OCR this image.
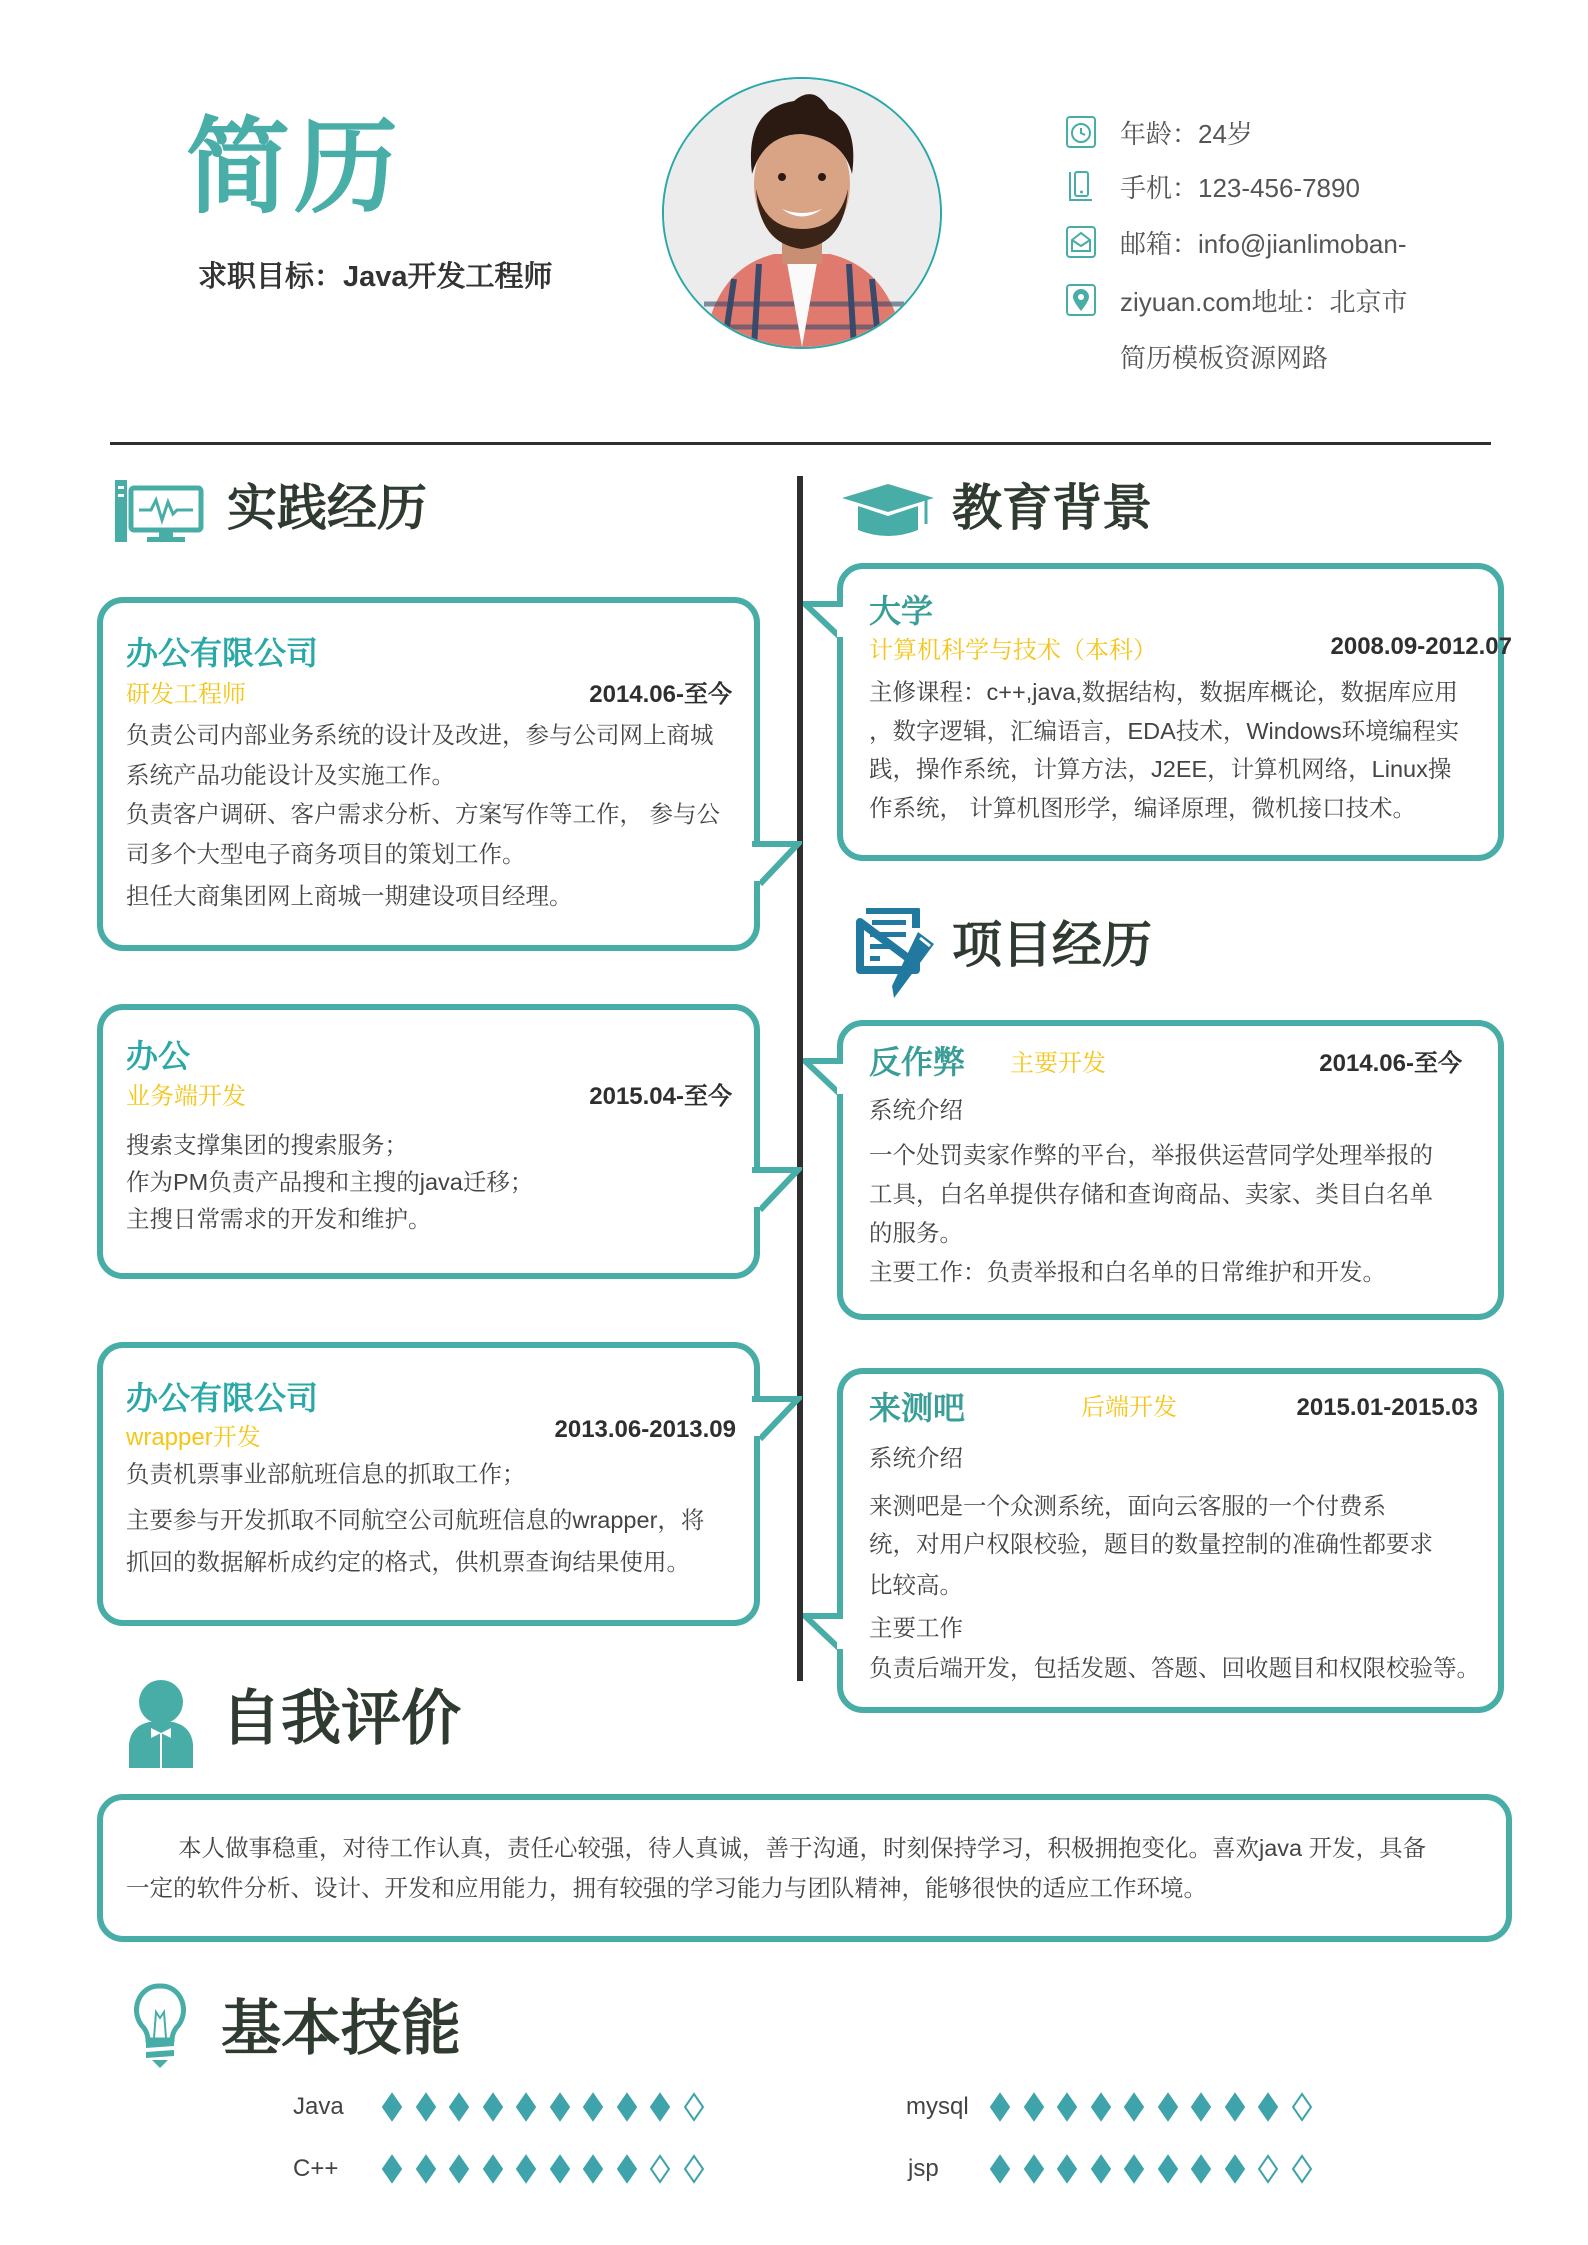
简历
求职目标：Java开发工程师
年龄：24岁
手机：123-456-7890
邮箱：info@jianlimoban-
ziyuan.com地址：北京市
简历模板资源网路
实践经历
办公有限公司
研发工程师	2014.06-至今
负责公司内部业务系统的设计及改进，参与公司网上商城
系统产品功能设计及实施工作。
负责客户调研、客户需求分析、方案写作等工作， 参与公
司多个大型电子商务项目的策划工作。
担任大商集团网上商城一期建设项目经理。
办公
业务端开发	2015.04-至今
搜索支撑集团的搜索服务；
作为PM负责产品搜和主搜的java迁移；
主搜日常需求的开发和维护。
办公有限公司
wrapper开发	2013.06-2013.09
负责机票事业部航班信息的抓取工作；
主要参与开发抓取不同航空公司航班信息的wrapper，将
抓回的数据解析成约定的格式，供机票查询结果使用。
教育背景
大学
计算机科学与技术（本科）	2008.09-2012.07
主修课程：c++,java,数据结构，数据库概论，数据库应用
，数字逻辑，汇编语言，EDA技术，Windows环境编程实
践，操作系统，计算方法，J2EE，计算机网络，Linux操
作系统， 计算机图形学，编译原理，微机接口技术。
项目经历
反作弊 主要开发	2014.06-至今
系统介绍
一个处罚卖家作弊的平台，举报供运营同学处理举报的
工具，白名单提供存储和查询商品、卖家、类目白名单
的服务。
主要工作：负责举报和白名单的日常维护和开发。
来测吧	后端开发	2015.01-2015.03
系统介绍
来测吧是一个众测系统，面向云客服的一个付费系
统，对用户权限校验，题目的数量控制的准确性都要求
比较高。
主要工作
负责后端开发，包括发题、答题、回收题目和权限校验等。
自我评价
本人做事稳重，对待工作认真，责任心较强，待人真诚，善于沟通，时刻保持学习，积极拥抱变化。喜欢java 开发，具备
一定的软件分析、设计、开发和应用能力，拥有较强的学习能力与团队精神，能够很快的适应工作环境。
基本技能
Java
C++
mysql
jsp
